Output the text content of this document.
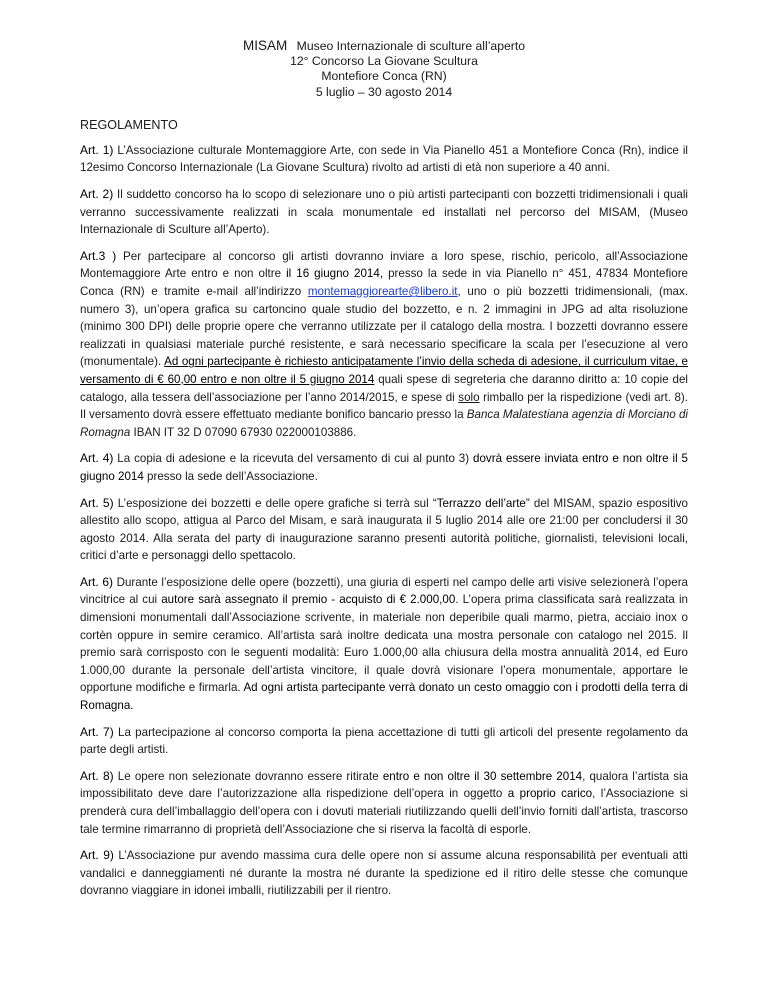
MISAM Museo Internazionale di sculture all’aperto
12° Concorso La Giovane Scultura
Montefiore Conca (RN)
5 luglio – 30 agosto 2014
REGOLAMENTO

Art. 1) L’Associazione culturale Montemaggiore Arte, con sede in Via Pianello 451 a Montefiore Conca (Rn), indice il 12esimo Concorso Internazionale (La Giovane Scultura) rivolto ad artisti di età non superiore a 40 anni.

Art. 2) Il suddetto concorso ha lo scopo di selezionare uno o più artisti partecipanti con bozzetti tridimensionali i quali verranno successivamente realizzati in scala monumentale ed installati nel percorso del MISAM, (Museo Internazionale di Sculture all’Aperto).

Art.3 ) Per partecipare al concorso gli artisti dovranno inviare a loro spese, rischio, pericolo, all’Associazione Montemaggiore Arte entro e non oltre il 16 giugno 2014, presso la sede in via Pianello n° 451, 47834 Montefiore Conca (RN) e tramite e-mail all’indirizzo montemaggiorearte@libero.it, uno o più bozzetti tridimensionali, (max. numero 3), un’opera grafica su cartoncino quale studio del bozzetto, e n. 2 immagini in JPG ad alta risoluzione (minimo 300 DPI) delle proprie opere che verranno utilizzate per il catalogo della mostra. I bozzetti dovranno essere realizzati in qualsiasi materiale purché resistente, e sarà necessario specificare la scala per l’esecuzione al vero (monumentale). Ad ogni partecipante è richiesto anticipatamente l’invio della scheda di adesione, il curriculum vitae, e versamento di € 60,00 entro e non oltre il 5 giugno 2014 quali spese di segreteria che daranno diritto a: 10 copie del catalogo, alla tessera dell’associazione per l’anno 2014/2015, e spese di solo rimballo per la rispedizione (vedi art. 8). Il versamento dovrà essere effettuato mediante bonifico bancario presso la Banca Malatestiana agenzia di Morciano di Romagna IBAN IT 32 D 07090 67930 022000103886.

Art. 4) La copia di adesione e la ricevuta del versamento di cui al punto 3) dovrà essere inviata entro e non oltre il 5 giugno 2014 presso la sede dell’Associazione.

Art. 5) L’esposizione dei bozzetti e delle opere grafiche si terrà sul “Terrazzo dell’arte” del MISAM, spazio espositivo allestito allo scopo, attigua al Parco del Misam, e sarà inaugurata il 5 luglio 2014 alle ore 21:00 per concludersi il 30 agosto 2014. Alla serata del party di inaugurazione saranno presenti autorità politiche, giornalisti, televisioni locali, critici d’arte e personaggi dello spettacolo.

Art. 6) Durante l’esposizione delle opere (bozzetti), una giuria di esperti nel campo delle arti visive selezionerà l’opera vincitrice al cui autore sarà assegnato il premio - acquisto di € 2.000,00. L’opera prima classificata sarà realizzata in dimensioni monumentali dall’Associazione scrivente, in materiale non deperibile quali marmo, pietra, acciaio inox o cortèn oppure in semire ceramico. All’artista sarà inoltre dedicata una mostra personale con catalogo nel 2015. Il premio sarà corrisposto con le seguenti modalità: Euro 1.000,00 alla chiusura della mostra annualità 2014, ed Euro 1.000,00 durante la personale dell’artista vincitore, il quale dovrà visionare l’opera monumentale, apportare le opportune modifiche e firmarla. Ad ogni artista partecipante verrà donato un cesto omaggio con i prodotti della terra di Romagna.

Art. 7) La partecipazione al concorso comporta la piena accettazione di tutti gli articoli del presente regolamento da parte degli artisti.

Art. 8) Le opere non selezionate dovranno essere ritirate entro e non oltre il 30 settembre 2014, qualora l’artista sia impossibilitato deve dare l’autorizzazione alla rispedizione dell’opera in oggetto a proprio carico, l’Associazione si prenderà cura dell’imballaggio dell’opera con i dovuti materiali riutilizzando quelli dell’invio forniti dall’artista, trascorso tale termine rimarranno di proprietà dell’Associazione che si riserva la facoltà di esporle.

Art. 9) L’Associazione pur avendo massima cura delle opere non si assume alcuna responsabilità per eventuali atti vandalici e danneggiamenti né durante la mostra né durante la spedizione ed il ritiro delle stesse che comunque dovranno viaggiare in idonei imballi, riutilizzabili per il rientro.
